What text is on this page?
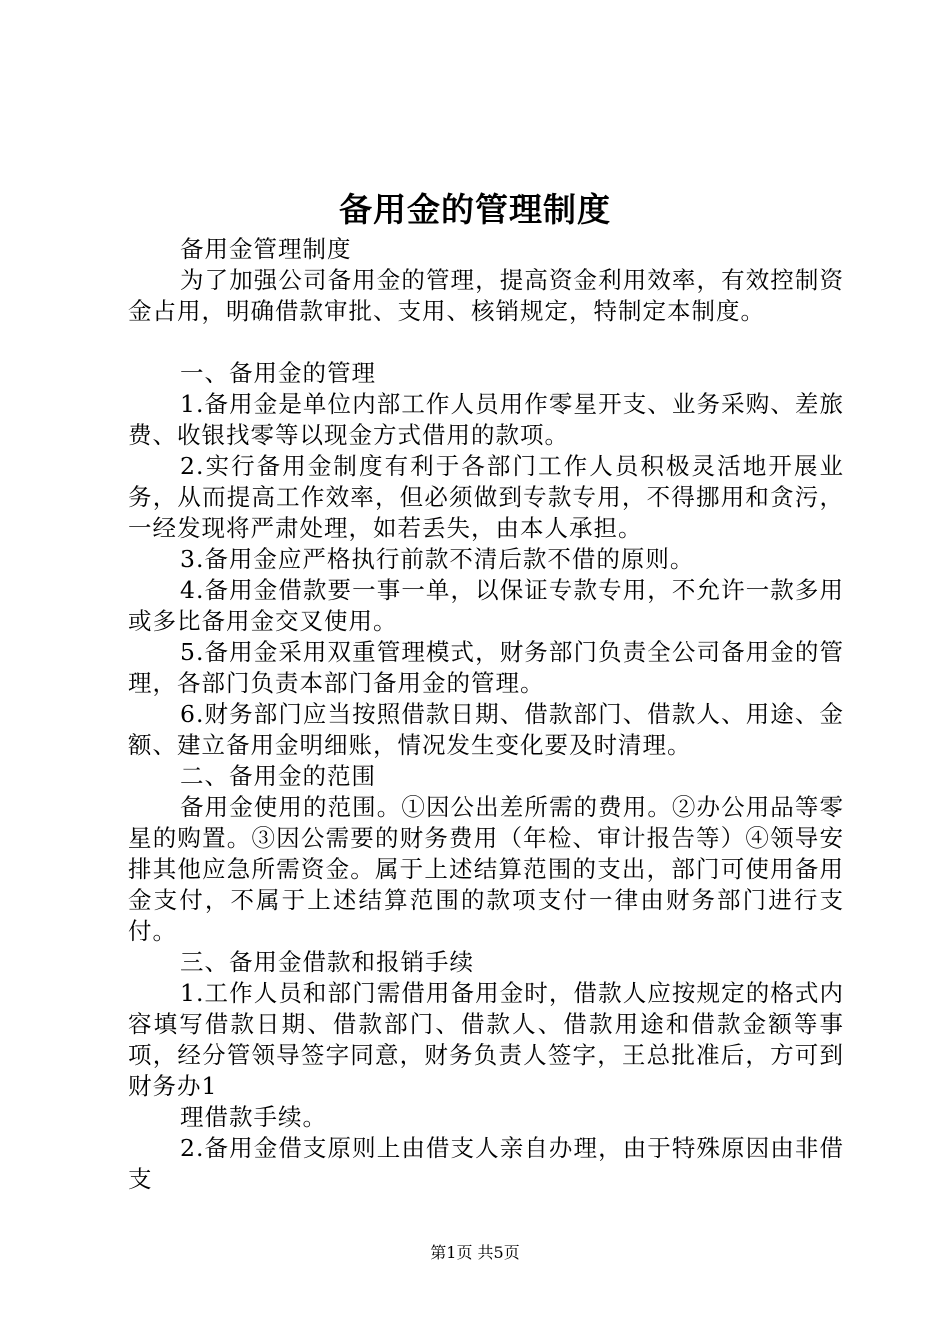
备用金的管理制度

备用金管理制度

为了加强公司备用金的管理，提高资金利用效率，有效控制资金占用，明确借款审批、支用、核销规定，特制定本制度。

一、备用金的管理

1.备用金是单位内部工作人员用作零星开支、业务采购、差旅费、收银找零等以现金方式借用的款项。

2.实行备用金制度有利于各部门工作人员积极灵活地开展业务，从而提高工作效率，但必须做到专款专用，不得挪用和贪污，一经发现将严肃处理，如若丢失，由本人承担。

3.备用金应严格执行前款不清后款不借的原则。

4.备用金借款要一事一单，以保证专款专用，不允许一款多用或多比备用金交叉使用。

5.备用金采用双重管理模式，财务部门负责全公司备用金的管理，各部门负责本部门备用金的管理。

6.财务部门应当按照借款日期、借款部门、借款人、用途、金额、建立备用金明细账，情况发生变化要及时清理。

二、备用金的范围

备用金使用的范围。①因公出差所需的费用。②办公用品等零星的购置。③因公需要的财务费用（年检、审计报告等）④领导安排其他应急所需资金。属于上述结算范围的支出，部门可使用备用金支付，不属于上述结算范围的款项支付一律由财务部门进行支付。

三、备用金借款和报销手续

1.工作人员和部门需借用备用金时，借款人应按规定的格式内容填写借款日期、借款部门、借款人、借款用途和借款金额等事项，经分管领导签字同意，财务负责人签字，王总批准后，方可到财务办1

理借款手续。

2.备用金借支原则上由借支人亲自办理，由于特殊原因由非借支

第1页 共5页
